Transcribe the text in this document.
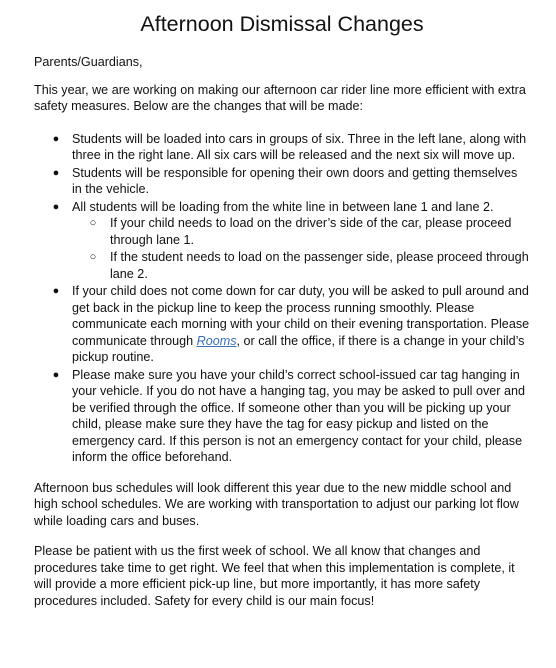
Afternoon Dismissal Changes

Parents/Guardians,

This year, we are working on making our afternoon car rider line more efficient with extra safety measures. Below are the changes that will be made:

● Students will be loaded into cars in groups of six. Three in the left lane, along with three in the right lane. All six cars will be released and the next six will move up.
● Students will be responsible for opening their own doors and getting themselves in the vehicle.
● All students will be loading from the white line in between lane 1 and lane 2.
○ If your child needs to load on the driver’s side of the car, please proceed through lane 1.
○ If the student needs to load on the passenger side, please proceed through lane 2.
● If your child does not come down for car duty, you will be asked to pull around and get back in the pickup line to keep the process running smoothly. Please communicate each morning with your child on their evening transportation. Please communicate through Rooms, or call the office, if there is a change in your child’s pickup routine.
● Please make sure you have your child’s correct school-issued car tag hanging in your vehicle. If you do not have a hanging tag, you may be asked to pull over and be verified through the office. If someone other than you will be picking up your child, please make sure they have the tag for easy pickup and listed on the emergency card. If this person is not an emergency contact for your child, please inform the office beforehand.

Afternoon bus schedules will look different this year due to the new middle school and high school schedules. We are working with transportation to adjust our parking lot flow while loading cars and buses.

Please be patient with us the first week of school. We all know that changes and procedures take time to get right. We feel that when this implementation is complete, it will provide a more efficient pick-up line, but more importantly, it has more safety procedures included. Safety for every child is our main focus!
